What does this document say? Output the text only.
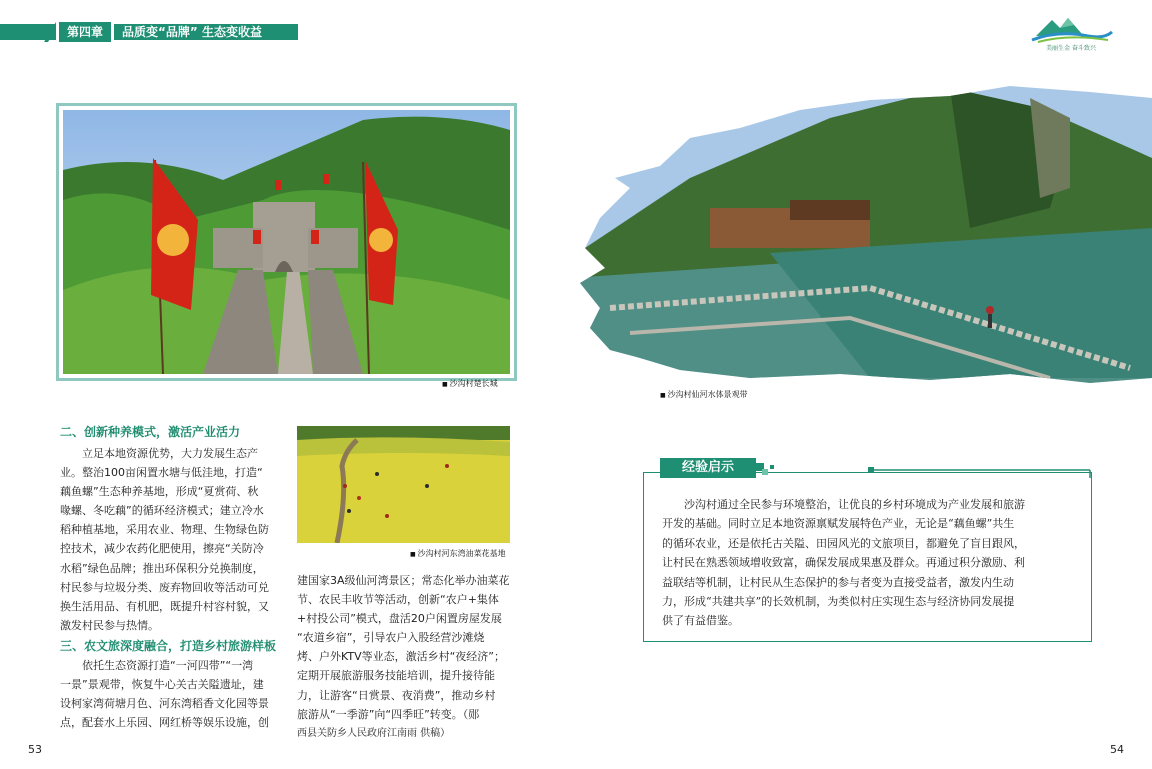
第四章	品质变“品牌” 生态变收益
美丽生金 奋斗致兴
■ 沙沟村楚长城
二、创新种养模式，激活产业活力
立足本地资源优势，大力发展生态产
业。整治100亩闲置水塘与低洼地，打造“
藕鱼螺”生态种养基地，形成“夏赏荷、秋
喙螺、冬吃藕”的循环经济模式；建立冷水
稻种植基地，采用农业、物理、生物绿色防
控技术，减少农药化肥使用，擦亮“关防冷
水稻”绿色品牌；推出环保积分兑换制度，
村民参与垃圾分类、废弃物回收等活动可兑
换生活用品、有机肥，既提升村容村貌，又
激发村民参与热情。
三、农文旅深度融合，打造乡村旅游样板
依托生态资源打造“一河四带”“一湾
一景”景观带，恢复牛心关古关隘遗址，建
设柯家湾荷塘月色、河东湾稻香文化园等景
点，配套水上乐园、网红桥等娱乐设施，创
■ 沙沟村河东湾油菜花基地
建国家3A级仙河湾景区；常态化举办油菜花
节、农民丰收节等活动，创新“农户+集体
+村投公司”模式，盘活20户闲置房屋发展
“农道乡宿”，引导农户入股经营沙滩烧
烤、户外KTV等业态，激活乡村“夜经济”；
定期开展旅游服务技能培训，提升接待能
力，让游客“日赏景、夜消费”，推动乡村
旅游从“一季游”向“四季旺”转变。（郧
西县关防乡人民政府江南雨 供稿）
53
■ 沙沟村仙河水体景观带
经验启示
沙沟村通过全民参与环境整治，让优良的乡村环境成为产业发展和旅游
开发的基础。同时立足本地资源禀赋发展特色产业，无论是“藕鱼螺”共生
的循环农业，还是依托古关隘、田园风光的文旅项目，都避免了盲目跟风，
让村民在熟悉领域增收致富，确保发展成果惠及群众。再通过积分激励、利
益联结等机制，让村民从生态保护的参与者变为直接受益者，激发内生动
力，形成“共建共享”的长效机制，为类似村庄实现生态与经济协同发展提
供了有益借鉴。
54
